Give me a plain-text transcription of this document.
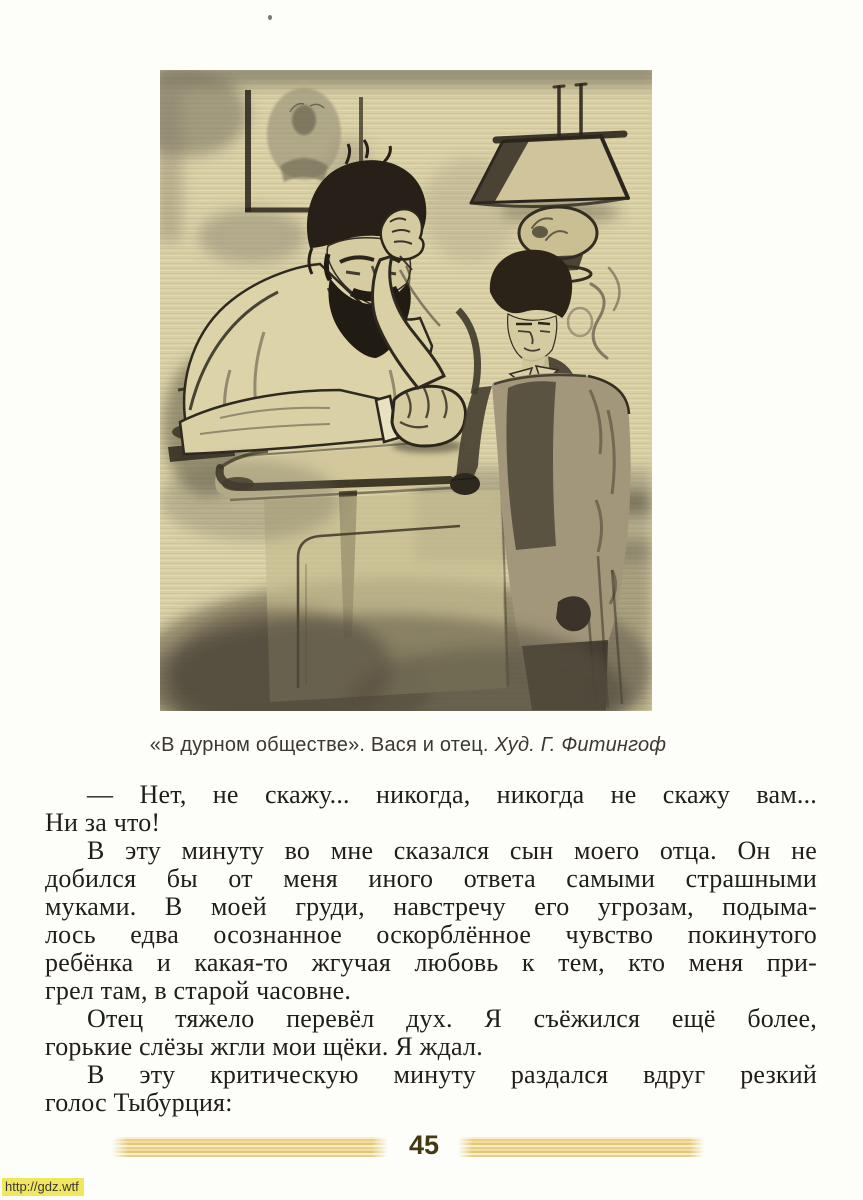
«В дурном обществе». Вася и отец. Худ. Г. Фитингоф
— Нет, не скажу... никогда, никогда не скажу вам...
Ни за что!
В эту минуту во мне сказался сын моего отца. Он не
добился бы от меня иного ответа самыми страшными
муками. В моей груди, навстречу его угрозам, подыма-
лось едва осознанное оскорблённое чувство покинутого
ребёнка и какая-то жгучая любовь к тем, кто меня при-
грел там, в старой часовне.
Отец тяжело перевёл дух. Я съёжился ещё более,
горькие слёзы жгли мои щёки. Я ждал.
В эту критическую минуту раздался вдруг резкий
голос Тыбурция:
45
http://gdz.wtf
